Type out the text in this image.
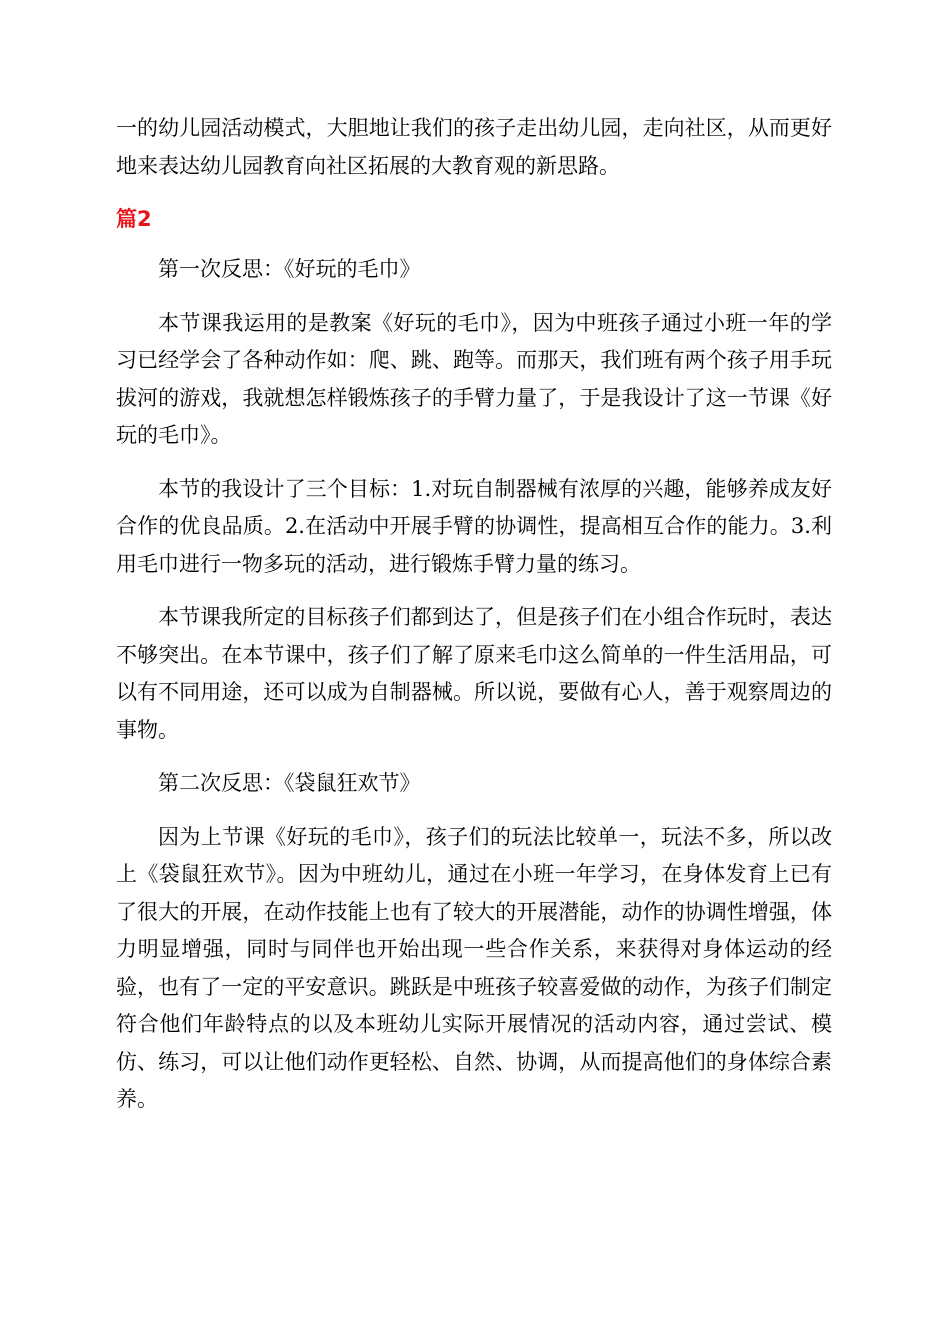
一的幼儿园活动模式，大胆地让我们的孩子走出幼儿园，走向社区，从而更好地来表达幼儿园教育向社区拓展的大教育观的新思路。

篇2

第一次反思：《好玩的毛巾》

本节课我运用的是教案《好玩的毛巾》，因为中班孩子通过小班一年的学习已经学会了各种动作如：爬、跳、跑等。而那天，我们班有两个孩子用手玩拔河的游戏，我就想怎样锻炼孩子的手臂力量了，于是我设计了这一节课《好玩的毛巾》。

本节的我设计了三个目标：1.对玩自制器械有浓厚的兴趣，能够养成友好合作的优良品质。2.在活动中开展手臂的协调性，提高相互合作的能力。3.利用毛巾进行一物多玩的活动，进行锻炼手臂力量的练习。

本节课我所定的目标孩子们都到达了，但是孩子们在小组合作玩时，表达不够突出。在本节课中，孩子们了解了原来毛巾这么简单的一件生活用品，可以有不同用途，还可以成为自制器械。所以说，要做有心人，善于观察周边的事物。

第二次反思：《袋鼠狂欢节》

因为上节课《好玩的毛巾》，孩子们的玩法比较单一，玩法不多，所以改上《袋鼠狂欢节》。因为中班幼儿，通过在小班一年学习，在身体发育上已有了很大的开展，在动作技能上也有了较大的开展潜能，动作的协调性增强，体力明显增强，同时与同伴也开始出现一些合作关系，来获得对身体运动的经验，也有了一定的平安意识。跳跃是中班孩子较喜爱做的动作，为孩子们制定符合他们年龄特点的以及本班幼儿实际开展情况的活动内容，通过尝试、模仿、练习，可以让他们动作更轻松、自然、协调，从而提高他们的身体综合素养。
